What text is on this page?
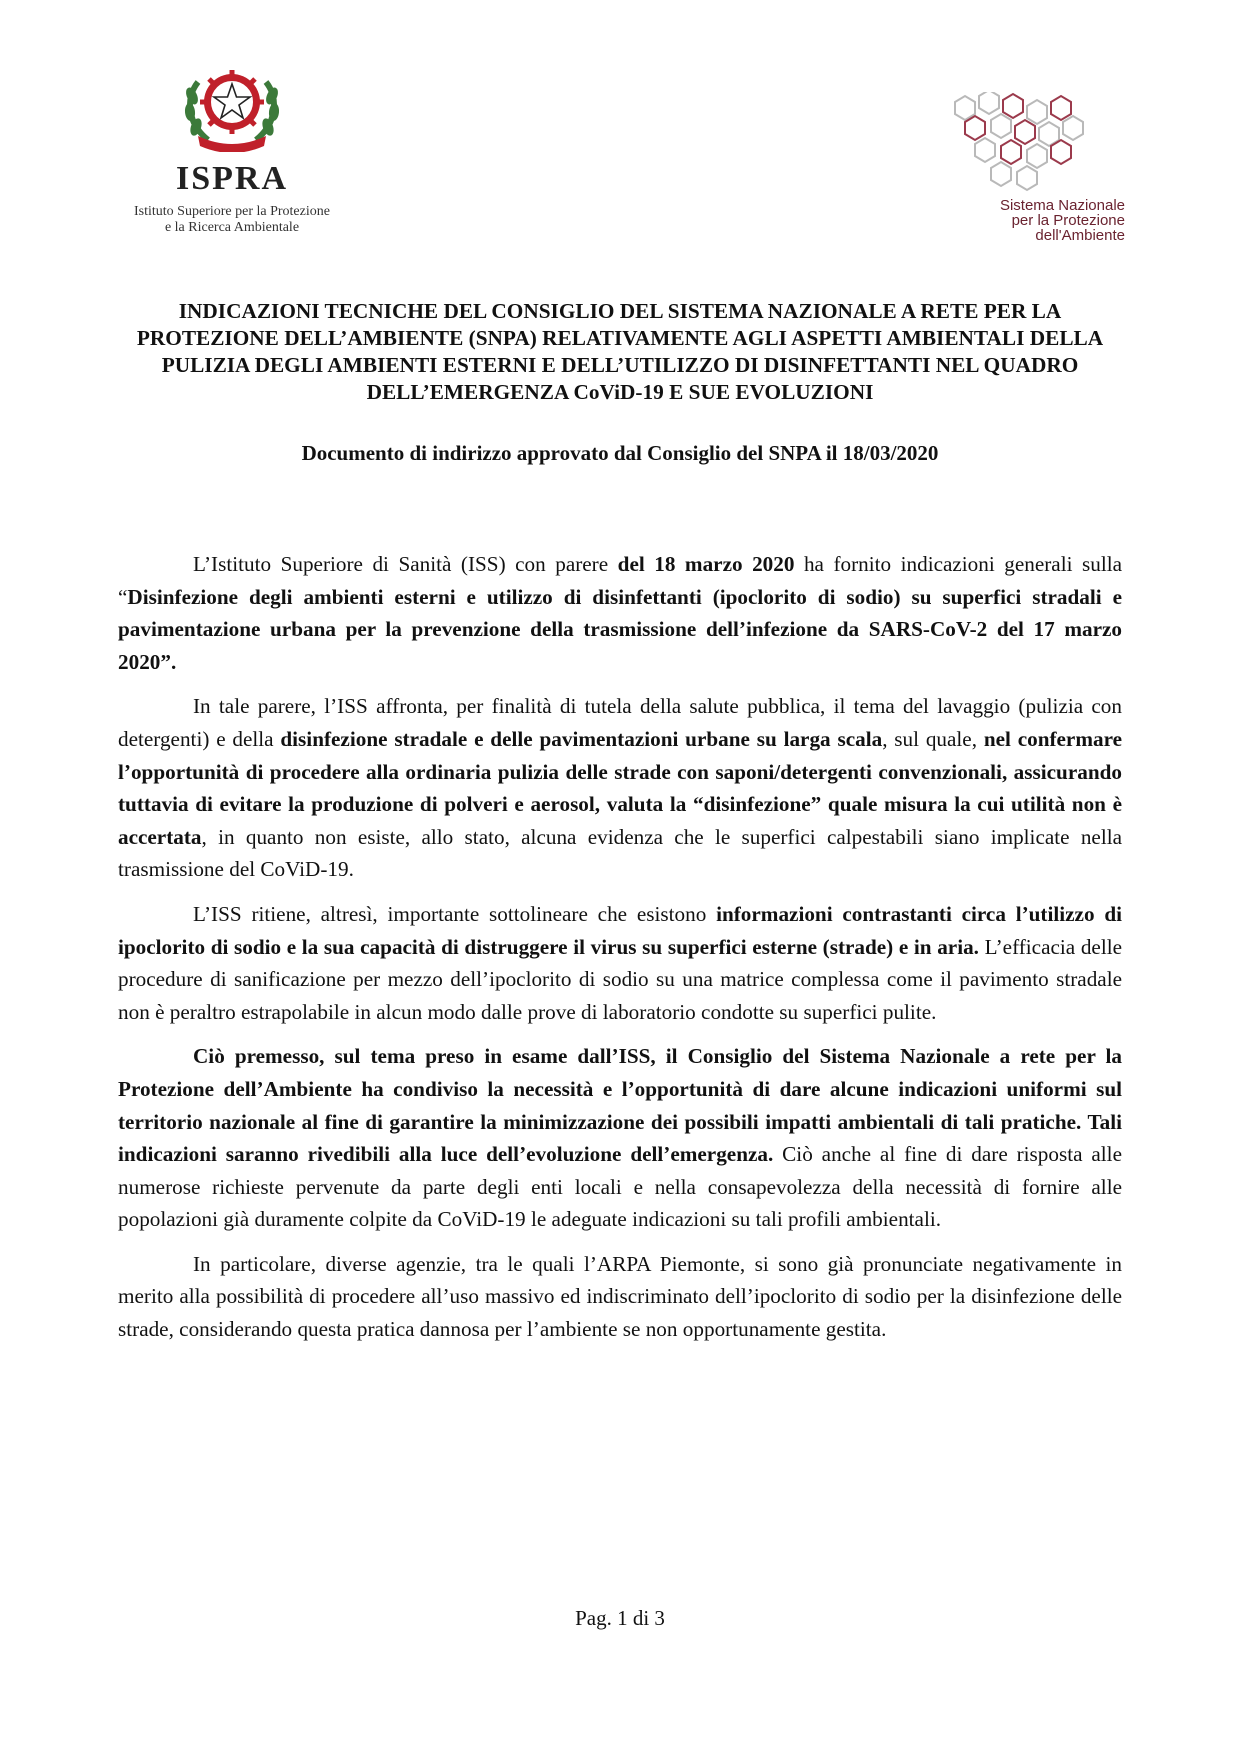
ISPRA
Istituto Superiore per la Protezione
e la Ricerca Ambientale
Sistema Nazionale
per la Protezione
dell'Ambiente
INDICAZIONI TECNICHE DEL CONSIGLIO DEL SISTEMA NAZIONALE A RETE PER LA PROTEZIONE DELL’AMBIENTE (SNPA) RELATIVAMENTE AGLI ASPETTI AMBIENTALI DELLA PULIZIA DEGLI AMBIENTI ESTERNI E DELL’UTILIZZO DI DISINFETTANTI NEL QUADRO DELL’EMERGENZA CoViD-19 E SUE EVOLUZIONI
Documento di indirizzo approvato dal Consiglio del SNPA il 18/03/2020

L’Istituto Superiore di Sanità (ISS) con parere del 18 marzo 2020 ha fornito indicazioni generali sulla “Disinfezione degli ambienti esterni e utilizzo di disinfettanti (ipoclorito di sodio) su superfici stradali e pavimentazione urbana per la prevenzione della trasmissione dell’infezione da SARS-CoV-2 del 17 marzo 2020”.

In tale parere, l’ISS affronta, per finalità di tutela della salute pubblica, il tema del lavaggio (pulizia con detergenti) e della disinfezione stradale e delle pavimentazioni urbane su larga scala, sul quale, nel confermare l’opportunità di procedere alla ordinaria pulizia delle strade con saponi/detergenti convenzionali, assicurando tuttavia di evitare la produzione di polveri e aerosol, valuta la “disinfezione” quale misura la cui utilità non è accertata, in quanto non esiste, allo stato, alcuna evidenza che le superfici calpestabili siano implicate nella trasmissione del CoViD-19.

L’ISS ritiene, altresì, importante sottolineare che esistono informazioni contrastanti circa l’utilizzo di ipoclorito di sodio e la sua capacità di distruggere il virus su superfici esterne (strade) e in aria. L’efficacia delle procedure di sanificazione per mezzo dell’ipoclorito di sodio su una matrice complessa come il pavimento stradale non è peraltro estrapolabile in alcun modo dalle prove di laboratorio condotte su superfici pulite.

Ciò premesso, sul tema preso in esame dall’ISS, il Consiglio del Sistema Nazionale a rete per la Protezione dell’Ambiente ha condiviso la necessità e l’opportunità di dare alcune indicazioni uniformi sul territorio nazionale al fine di garantire la minimizzazione dei possibili impatti ambientali di tali pratiche. Tali indicazioni saranno rivedibili alla luce dell’evoluzione dell’emergenza. Ciò anche al fine di dare risposta alle numerose richieste pervenute da parte degli enti locali e nella consapevolezza della necessità di fornire alle popolazioni già duramente colpite da CoViD-19 le adeguate indicazioni su tali profili ambientali.

In particolare, diverse agenzie, tra le quali l’ARPA Piemonte, si sono già pronunciate negativamente in merito alla possibilità di procedere all’uso massivo ed indiscriminato dell’ipoclorito di sodio per la disinfezione delle strade, considerando questa pratica dannosa per l’ambiente se non opportunamente gestita.

Pag. 1 di 3
